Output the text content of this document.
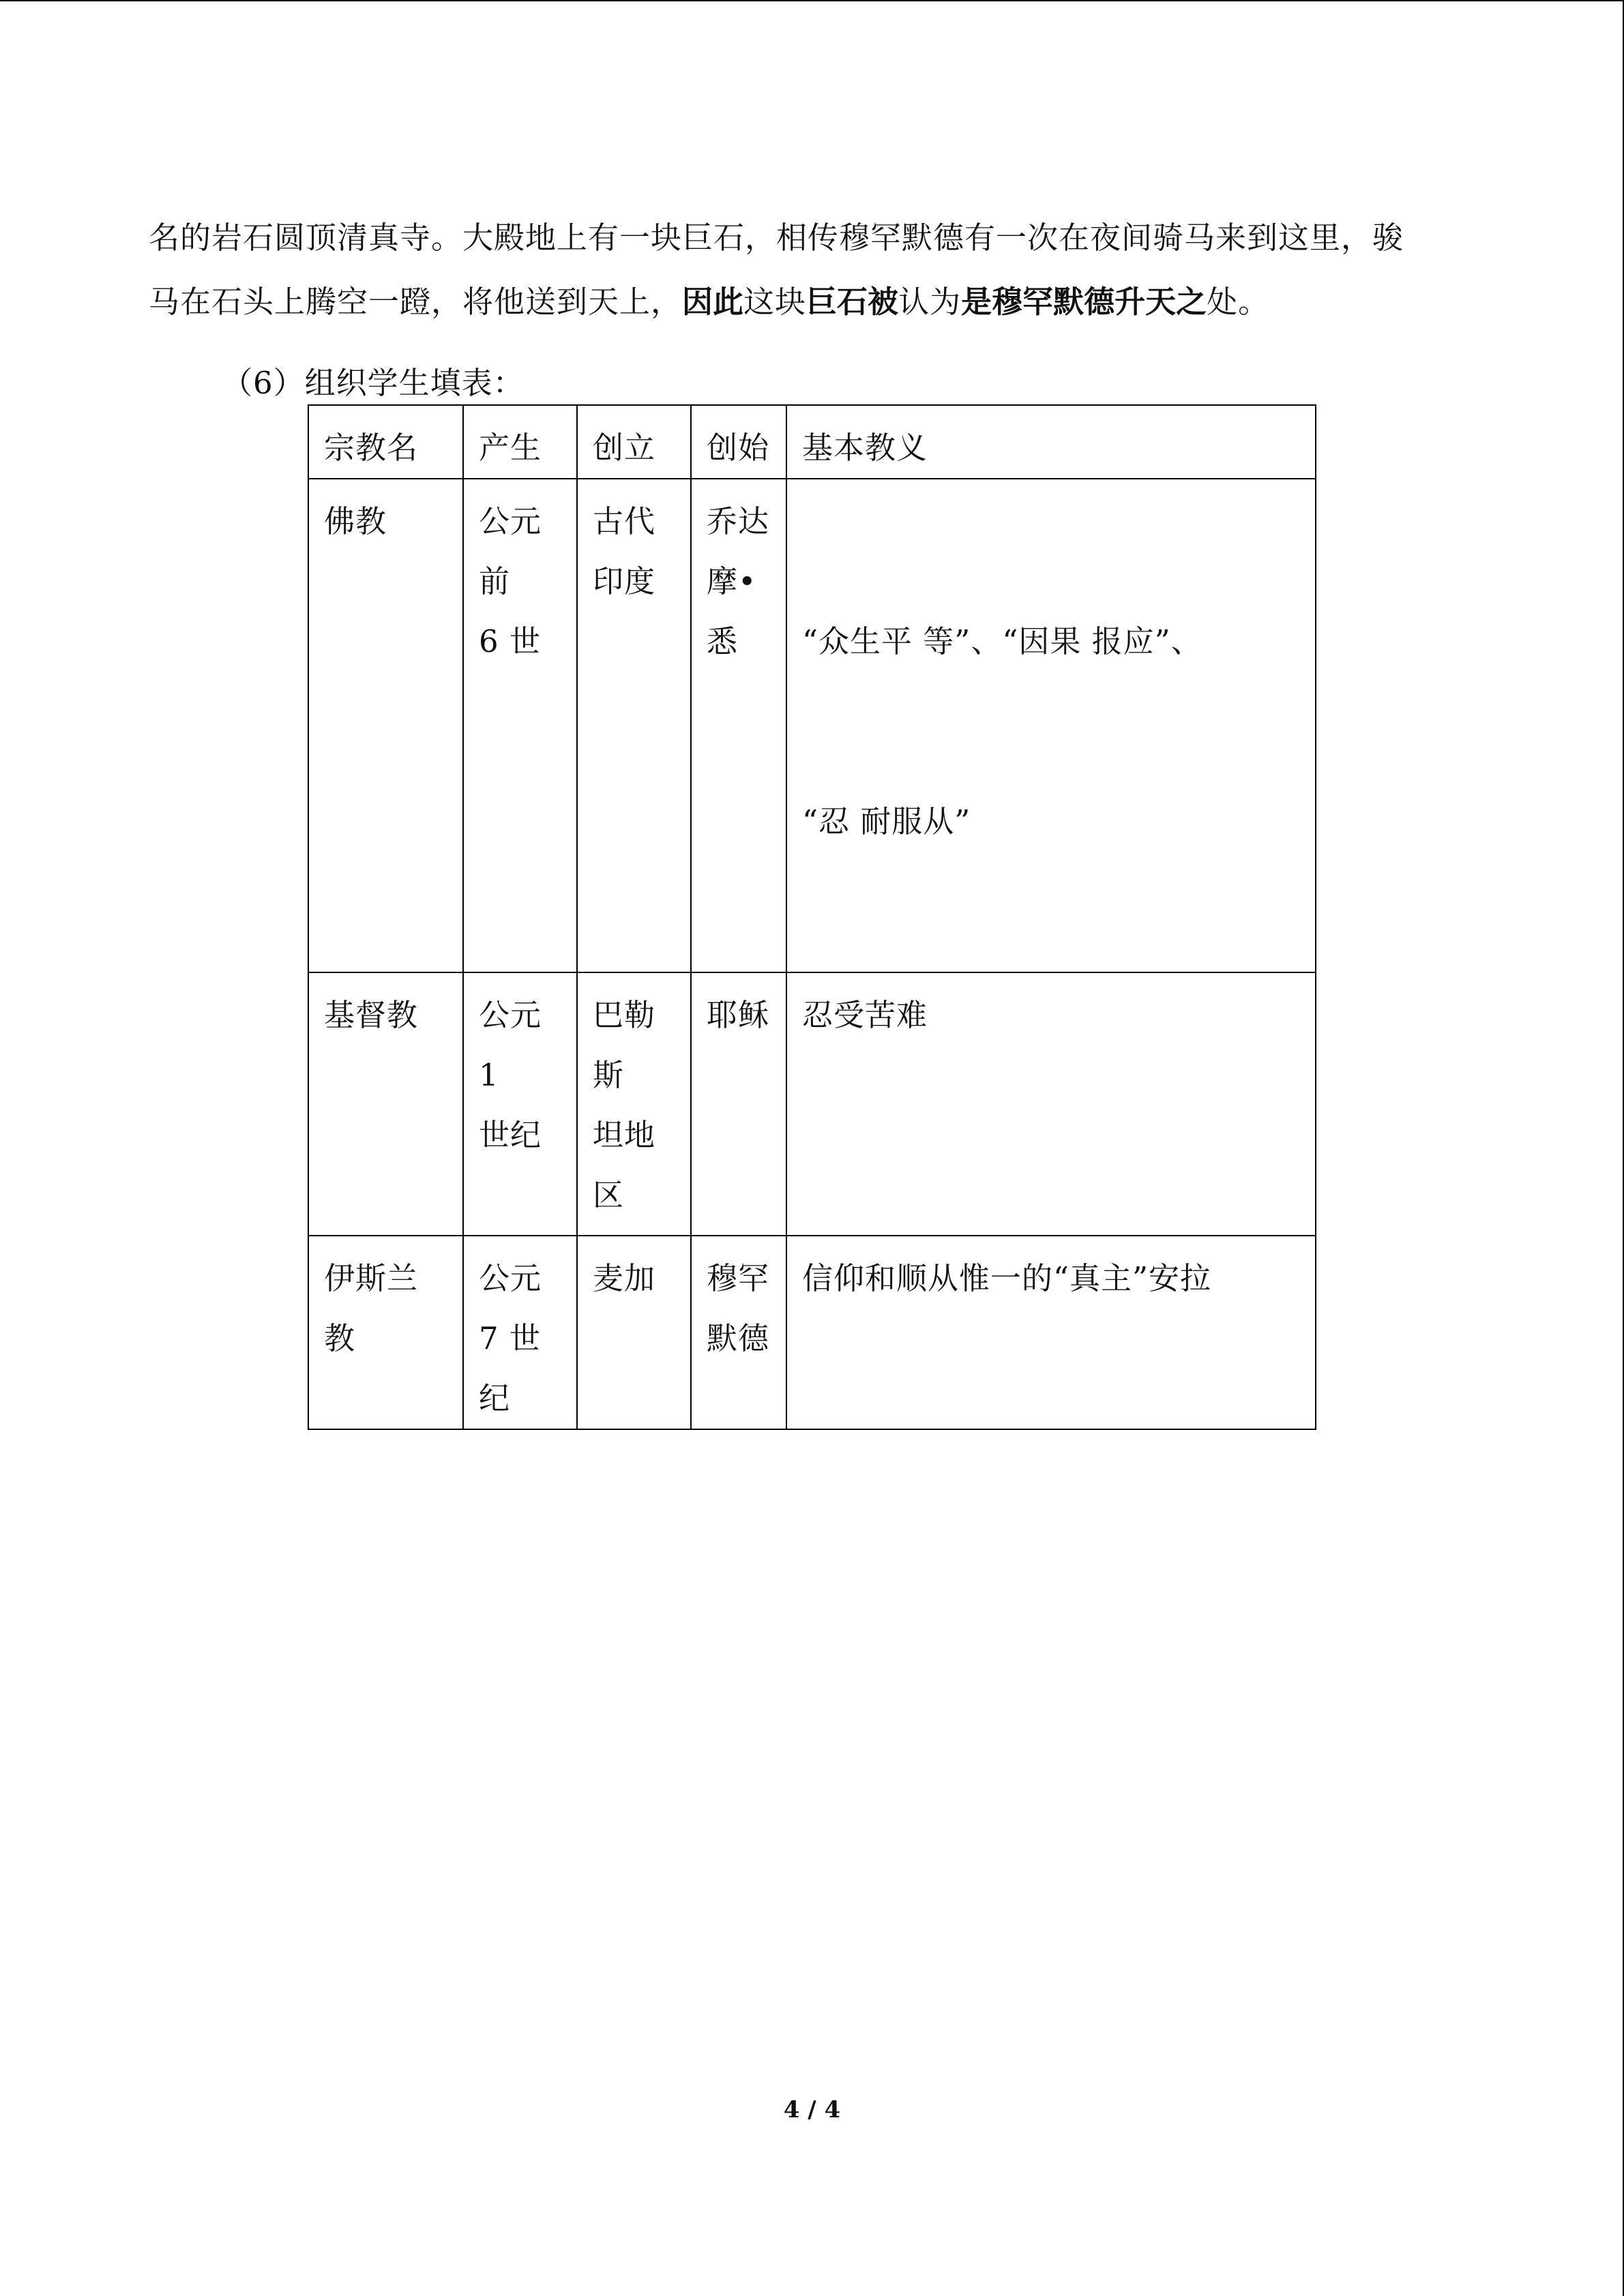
名的岩石圆顶清真寺。大殿地上有一块巨石，相传穆罕默德有一次在夜间骑马来到这里，骏
马在石头上腾空一蹬，将他送到天上，因此这块巨石被认为是穆罕默德升天之处。
（6）组织学生填表：
宗教名	产生	创立	创始	基本教义

佛教	公元
前
6 世	古代
印度	乔达
摩•
悉	“众生平 等”、“因果 报应”、

“忍 耐服从”

基督教	公元
1
世纪	巴勒
斯
坦地
区	耶稣	忍受苦难

伊斯兰
教	公元
7 世
纪	麦加	穆罕
默德	信仰和顺从惟一的“真主”安拉
4 / 4
